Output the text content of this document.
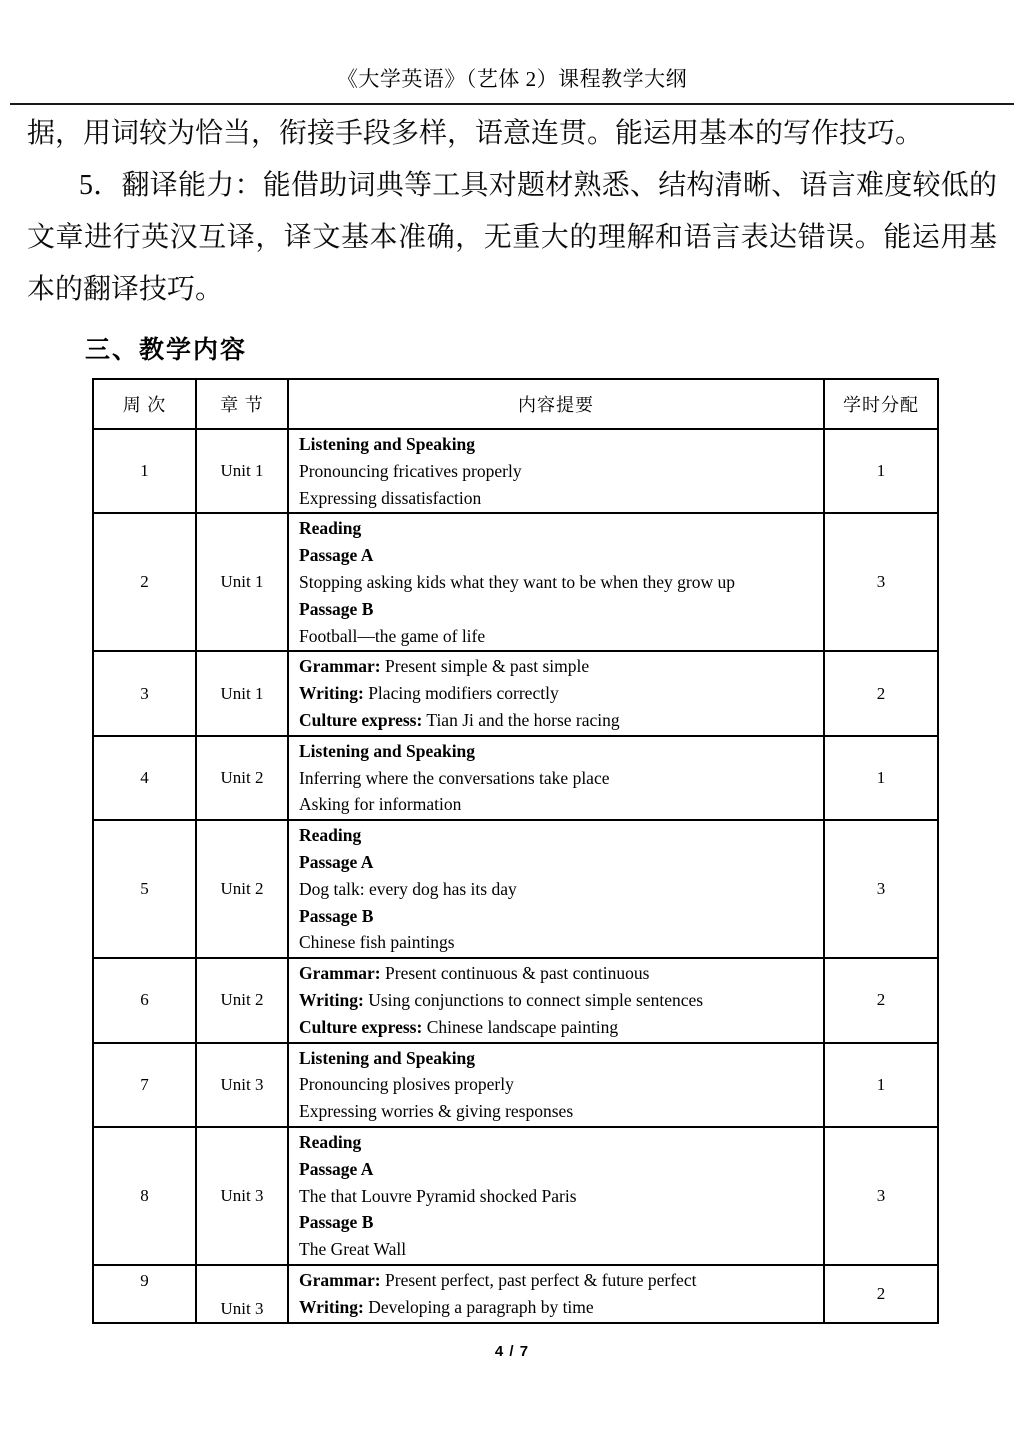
《大学英语》（艺体 2）课程教学大纲

据，用词较为恰当，衔接手段多样，语意连贯。能运用基本的写作技巧。

5．翻译能力：能借助词典等工具对题材熟悉、结构清晰、语言难度较低的文章进行英汉互译，译文基本准确，无重大的理解和语言表达错误。能运用基本的翻译技巧。

三、教学内容
周 次	章 节	内容提要	学时分配
1	Unit 1	Listening and Speaking
Pronouncing fricatives properly
Expressing dissatisfaction	1
2	Unit 1	Reading
Passage A
Stopping asking kids what they want to be when they grow up
Passage B
Football—the game of life	3
3	Unit 1	Grammar: Present simple & past simple
Writing: Placing modifiers correctly
Culture express: Tian Ji and the horse racing	2
4	Unit 2	Listening and Speaking
Inferring where the conversations take place
Asking for information	1
5	Unit 2	Reading
Passage A
Dog talk: every dog has its day
Passage B
Chinese fish paintings	3
6	Unit 2	Grammar: Present continuous & past continuous
Writing: Using conjunctions to connect simple sentences
Culture express: Chinese landscape painting	2
7	Unit 3	Listening and Speaking
Pronouncing plosives properly
Expressing worries & giving responses	1
8	Unit 3	Reading
Passage A
The that Louvre Pyramid shocked Paris
Passage B
The Great Wall	3
9	Unit 3	Grammar: Present perfect, past perfect & future perfect
Writing: Developing a paragraph by time	2
4 / 7
